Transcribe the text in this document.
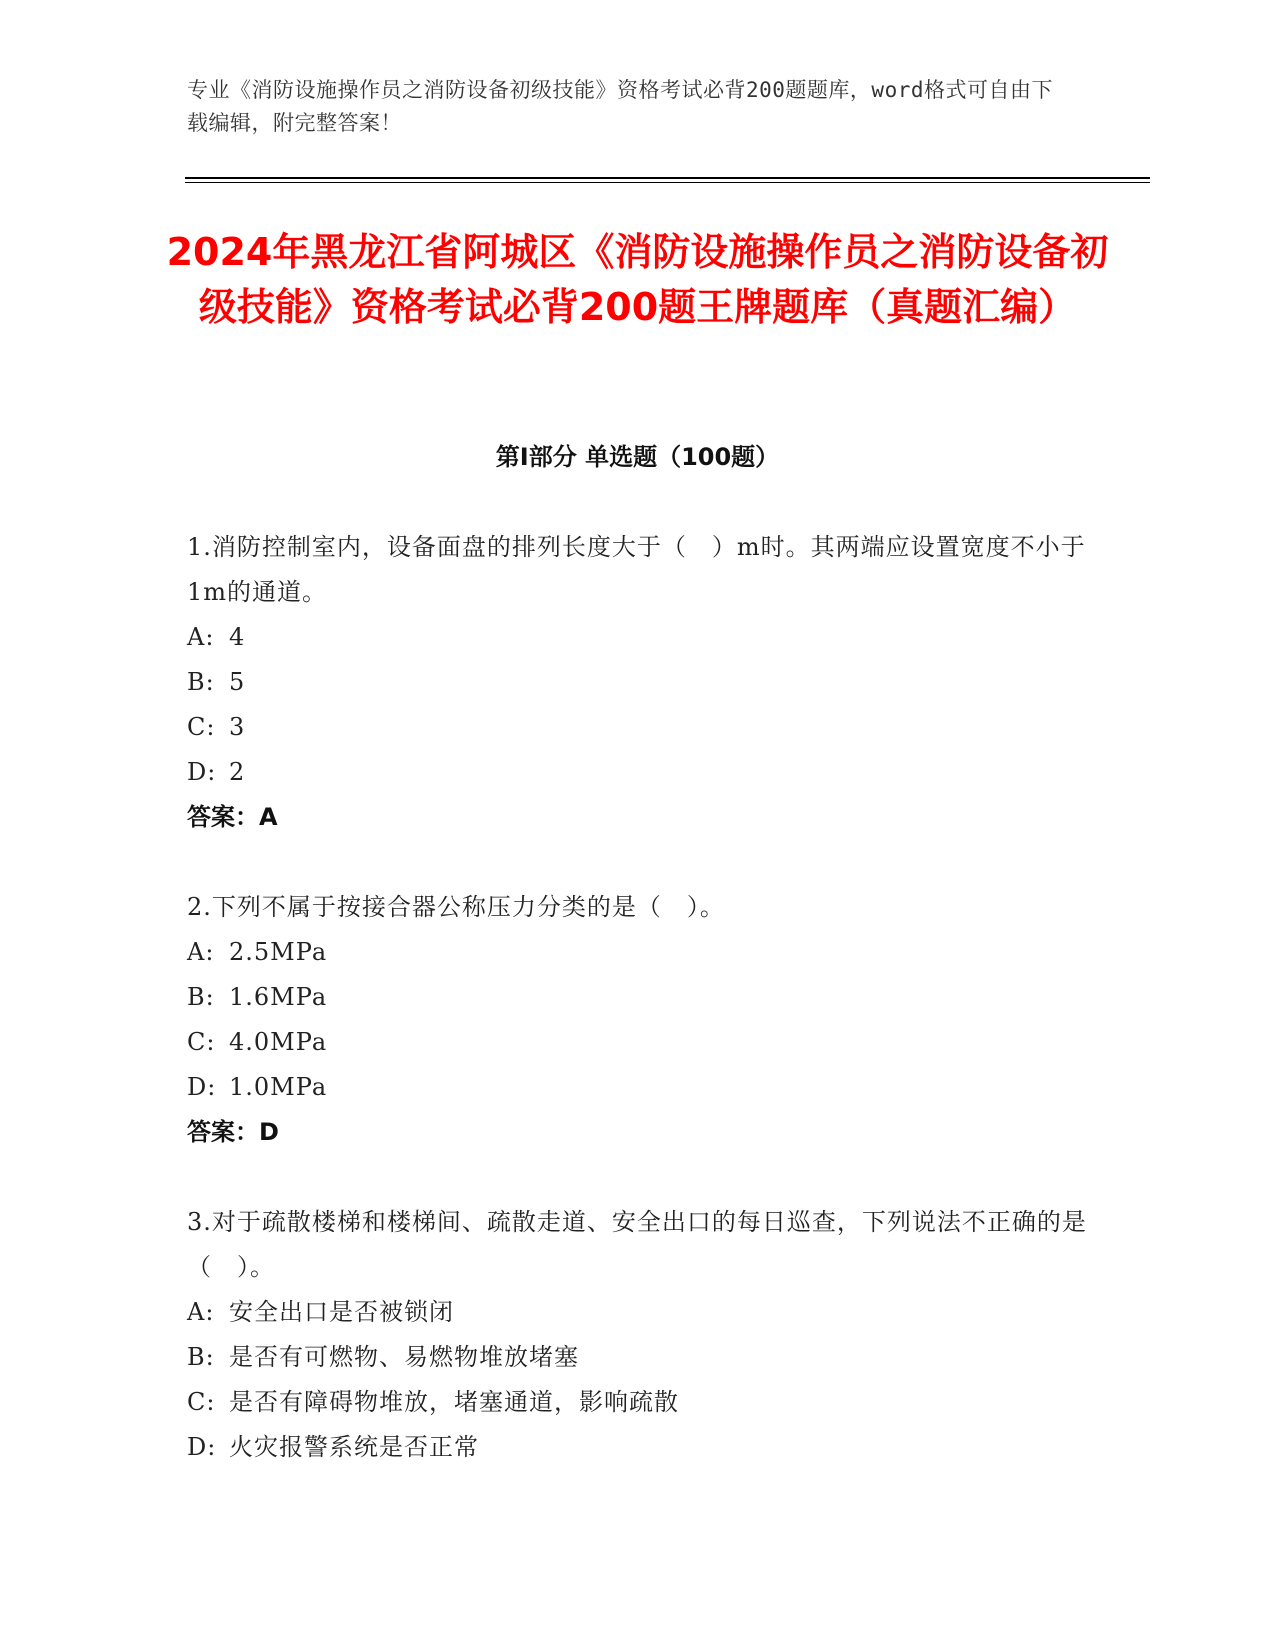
专业《消防设施操作员之消防设备初级技能》资格考试必背200题题库，word格式可自由下载编辑，附完整答案！
2024年黑龙江省阿城区《消防设施操作员之消防设备初级技能》资格考试必背200题王牌题库（真题汇编）
第I部分 单选题（100题）
1.消防控制室内，设备面盘的排列长度大于（　）m时。其两端应设置宽度不小于1m的通道。
A: 4
B: 5
C: 3
D: 2
答案：A
2.下列不属于按接合器公称压力分类的是（　）。
A: 2.5MPa
B: 1.6MPa
C: 4.0MPa
D: 1.0MPa
答案：D
3.对于疏散楼梯和楼梯间、疏散走道、安全出口的每日巡查，下列说法不正确的是（　）。
A: 安全出口是否被锁闭
B: 是否有可燃物、易燃物堆放堵塞
C: 是否有障碍物堆放，堵塞通道，影响疏散
D: 火灾报警系统是否正常
